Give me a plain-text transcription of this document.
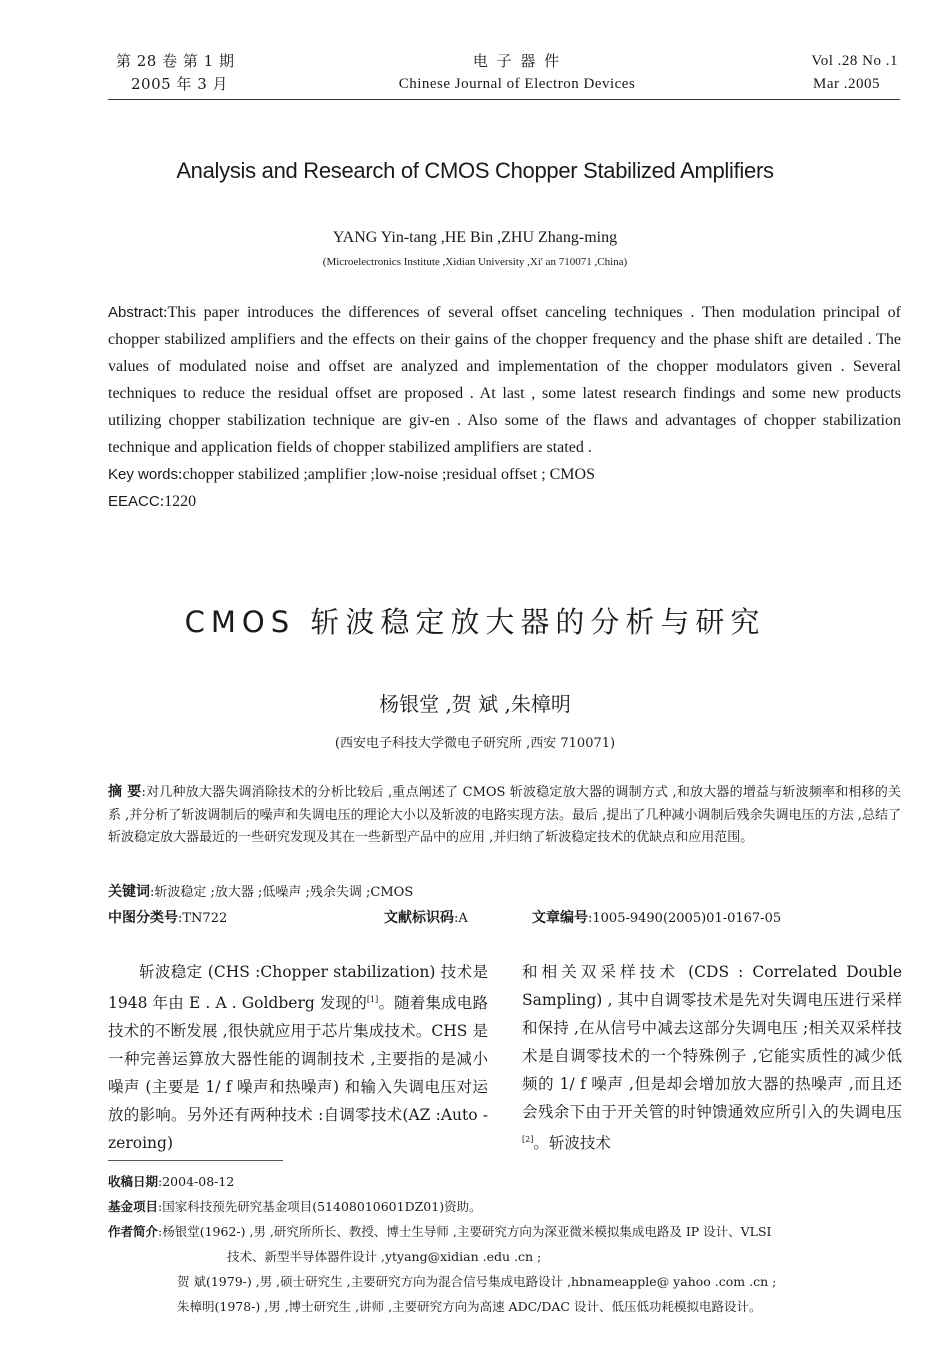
第 28 卷 第 1 期
2005 年 3 月
电 子 器 件
Chinese Journal of Electron Devices
Vol .28 No .1
Mar .2005
Analysis and Research of CMOS Chopper Stabilized Amplifiers
YANG Yin-tang ,HE Bin ,ZHU Zhang-ming
(Microelectronics Institute ,Xidian University ,Xi' an 710071 ,China)
Abstract:This paper introduces the differences of several offset canceling techniques . Then modulation principal of chopper stabilized amplifiers and the effects on their gains of the chopper frequency and the phase shift are detailed . The values of modulated noise and offset are analyzed and implementation of the chopper modulators given . Several techniques to reduce the residual offset are proposed . At last , some latest research findings and some new products utilizing chopper stabilization technique are giv-en . Also some of the flaws and advantages of chopper stabilization technique and application fields of chopper stabilized amplifiers are stated .
Key words:chopper stabilized ;amplifier ;low-noise ;residual offset ; CMOS
EEACC:1220
CMOS 斩波稳定放大器的分析与研究
杨银堂 ,贺 斌 ,朱樟明
(西安电子科技大学微电子研究所 ,西安 710071)
摘 要:对几种放大器失调消除技术的分析比较后 ,重点阐述了 CMOS 斩波稳定放大器的调制方式 ,和放大器的增益与斩波频率和相移的关系 ,并分析了斩波调制后的噪声和失调电压的理论大小以及斩波的电路实现方法。最后 ,提出了几种减小调制后残余失调电压的方法 ,总结了斩波稳定放大器最近的一些研究发现及其在一些新型产品中的应用 ,并归纳了斩波稳定技术的优缺点和应用范围。
关键词:斩波稳定 ;放大器 ;低噪声 ;残余失调 ;CMOS
中图分类号:TN722	文献标识码:A	文章编号:1005-9490(2005)01-0167-05

斩波稳定 (CHS :Chopper stabilization) 技术是 1948 年由 E . A . Goldberg 发现的[1]。随着集成电路技术的不断发展 ,很快就应用于芯片集成技术。CHS 是一种完善运算放大器性能的调制技术 ,主要指的是减小噪声 (主要是 1/ f 噪声和热噪声) 和输入失调电压对运放的影响。另外还有两种技术 :自调零技术(AZ :Auto - zeroing)

和相关双采样技术 (CDS : Correlated Double Sampling) , 其中自调零技术是先对失调电压进行采样和保持 ,在从信号中减去这部分失调电压 ;相关双采样技术是自调零技术的一个特殊例子 ,它能实质性的减少低频的 1/ f 噪声 ,但是却会增加放大器的热噪声 ,而且还会残余下由于开关管的时钟馈通效应所引入的失调电压[2]。斩波技术

收稿日期:2004-08-12
基金项目:国家科技预先研究基金项目(51408010601DZ01)资助。
作者简介:杨银堂(1962-) ,男 ,研究所所长、教授、博士生导师 ,主要研究方向为深亚微米模拟集成电路及 IP 设计、VLSI
技术、新型半导体器件设计 ,ytyang@xidian .edu .cn ;
贺 斌(1979-) ,男 ,硕士研究生 ,主要研究方向为混合信号集成电路设计 ,hbnameapple@ yahoo .com .cn ;
朱樟明(1978-) ,男 ,博士研究生 ,讲师 ,主要研究方向为高速 ADC/DAC 设计、低压低功耗模拟电路设计。
